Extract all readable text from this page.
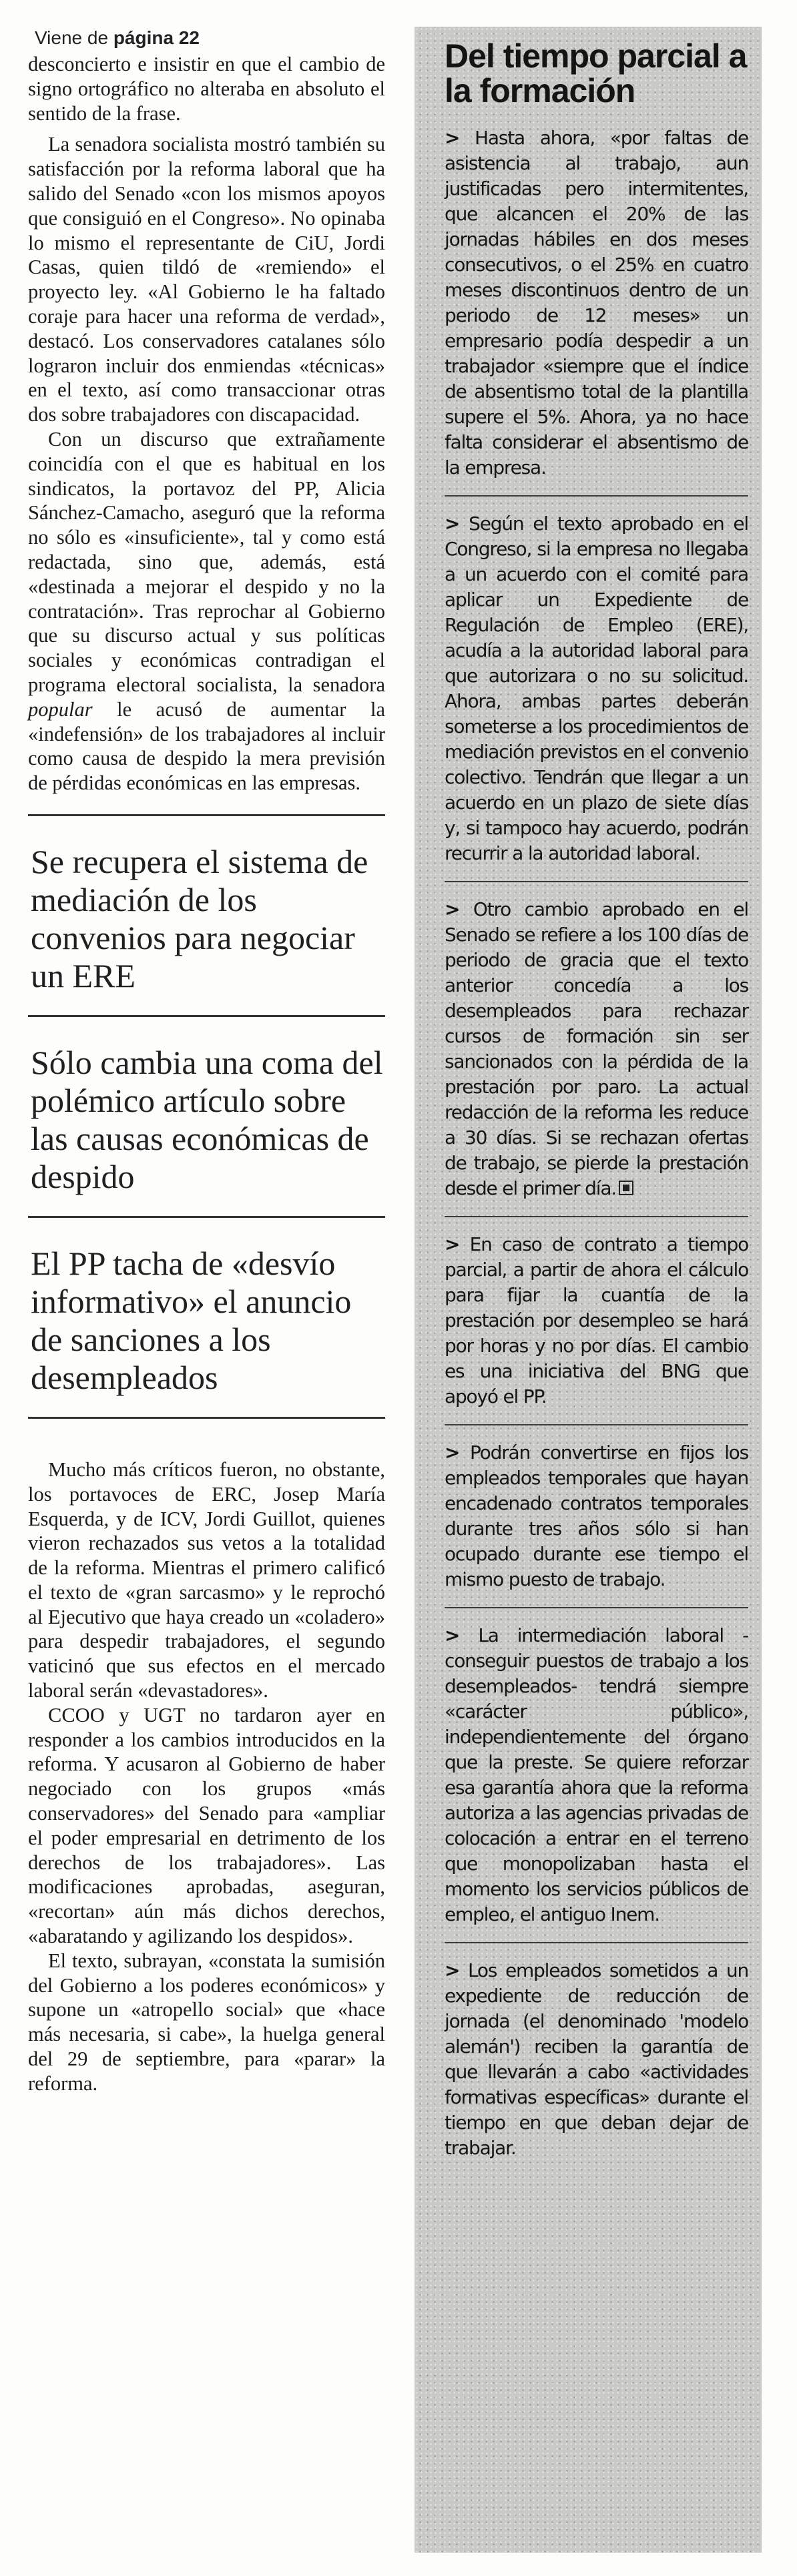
Viene de página 22

desconcierto e insistir en que el cambio de signo ortográfico no alteraba en absoluto el sentido de la frase.

La senadora socialista mostró también su satisfacción por la reforma laboral que ha salido del Senado «con los mismos apoyos que consiguió en el Congreso». No opinaba lo mismo el representante de CiU, Jordi Casas, quien tildó de «remiendo» el proyecto ley. «Al Gobierno le ha faltado coraje para hacer una reforma de verdad», destacó. Los conservadores catalanes sólo lograron incluir dos enmiendas «técnicas» en el texto, así como transaccionar otras dos sobre trabajadores con discapacidad.

Con un discurso que extrañamente coincidía con el que es habitual en los sindicatos, la portavoz del PP, Alicia Sánchez-Camacho, aseguró que la reforma no sólo es «insuficiente», tal y como está redactada, sino que, además, está «destinada a mejorar el despido y no la contratación». Tras reprochar al Gobierno que su discurso actual y sus políticas sociales y económicas contradigan el programa electoral socialista, la senadora popular le acusó de aumentar la «indefensión» de los trabajadores al incluir como causa de despido la mera previsión de pérdidas económicas en las empresas.

Se recupera el sistema de mediación de los convenios para negociar un ERE

Sólo cambia una coma del polémico artículo sobre las causas económicas de despido

El PP tacha de «desvío informativo» el anuncio de sanciones a los desempleados

Mucho más críticos fueron, no obstante, los portavoces de ERC, Josep María Esquerda, y de ICV, Jordi Guillot, quienes vieron rechazados sus vetos a la totalidad de la reforma. Mientras el primero calificó el texto de «gran sarcasmo» y le reprochó al Ejecutivo que haya creado un «coladero» para despedir trabajadores, el segundo vaticinó que sus efectos en el mercado laboral serán «devastadores».

CCOO y UGT no tardaron ayer en responder a los cambios introducidos en la reforma. Y acusaron al Gobierno de haber negociado con los grupos «más conservadores» del Senado para «ampliar el poder empresarial en detrimento de los derechos de los trabajadores». Las modificaciones aprobadas, aseguran, «recortan» aún más dichos derechos, «abaratando y agilizando los despidos».

El texto, subrayan, «constata la sumisión del Gobierno a los poderes económicos» y supone un «atropello social» que «hace más necesaria, si cabe», la huelga general del 29 de septiembre, para «parar» la reforma.

Del tiempo parcial a la formación

> Hasta ahora, «por faltas de asistencia al trabajo, aun justificadas pero intermitentes, que alcancen el 20% de las jornadas hábiles en dos meses consecutivos, o el 25% en cuatro meses discontinuos dentro de un periodo de 12 meses» un empresario podía despedir a un trabajador «siempre que el índice de absentismo total de la plantilla supere el 5%. Ahora, ya no hace falta considerar el absentismo de la empresa.

> Según el texto aprobado en el Congreso, si la empresa no llegaba a un acuerdo con el comité para aplicar un Expediente de Regulación de Empleo (ERE), acudía a la autoridad laboral para que autorizara o no su solicitud. Ahora, ambas partes deberán someterse a los procedimientos de mediación previstos en el convenio colectivo. Tendrán que llegar a un acuerdo en un plazo de siete días y, si tampoco hay acuerdo, podrán recurrir a la autoridad laboral.

> Otro cambio aprobado en el Senado se refiere a los 100 días de periodo de gracia que el texto anterior concedía a los desempleados para rechazar cursos de formación sin ser sancionados con la pérdida de la prestación por paro. La actual redacción de la reforma les reduce a 30 días. Si se rechazan ofertas de trabajo, se pierde la prestación desde el primer día.

> En caso de contrato a tiempo parcial, a partir de ahora el cálculo para fijar la cuantía de la prestación por desempleo se hará por horas y no por días. El cambio es una iniciativa del BNG que apoyó el PP.

> Podrán convertirse en fijos los empleados temporales que hayan encadenado contratos temporales durante tres años sólo si han ocupado durante ese tiempo el mismo puesto de trabajo.

> La intermediación laboral -conseguir puestos de trabajo a los desempleados- tendrá siempre «carácter público», independientemente del órgano que la preste. Se quiere reforzar esa garantía ahora que la reforma autoriza a las agencias privadas de colocación a entrar en el terreno que monopolizaban hasta el momento los servicios públicos de empleo, el antiguo Inem.

> Los empleados sometidos a un expediente de reducción de jornada (el denominado 'modelo alemán') reciben la garantía de que llevarán a cabo «actividades formativas específicas» durante el tiempo en que deban dejar de trabajar.
